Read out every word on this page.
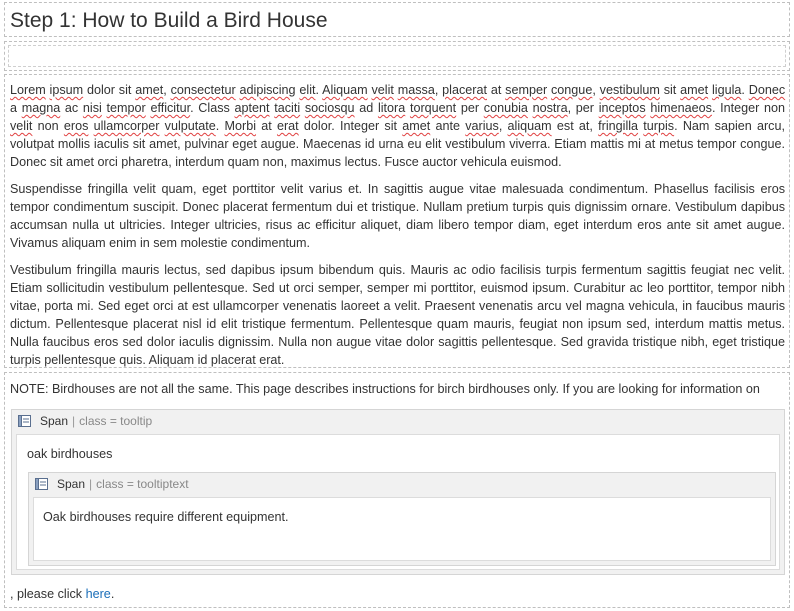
Step 1: How to Build a Bird House

Lorem ipsum dolor sit amet, consectetur adipiscing elit. Aliquam velit massa, placerat at semper congue, vestibulum sit amet ligula. Donec a magna ac nisi tempor efficitur. Class aptent taciti sociosqu ad litora torquent per conubia nostra, per inceptos himenaeos. Integer non velit non eros ullamcorper vulputate. Morbi at erat dolor. Integer sit amet ante varius, aliquam est at, fringilla turpis. Nam sapien arcu, volutpat mollis iaculis sit amet, pulvinar eget augue. Maecenas id urna eu elit vestibulum viverra. Etiam mattis mi at metus tempor congue. Donec sit amet orci pharetra, interdum quam non, maximus lectus. Fusce auctor vehicula euismod.

Suspendisse fringilla velit quam, eget porttitor velit varius et. In sagittis augue vitae malesuada condimentum. Phasellus facilisis eros tempor condimentum suscipit. Donec placerat fermentum dui et tristique. Nullam pretium turpis quis dignissim ornare. Vestibulum dapibus accumsan nulla ut ultricies. Integer ultricies, risus ac efficitur aliquet, diam libero tempor diam, eget interdum eros ante sit amet augue. Vivamus aliquam enim in sem molestie condimentum.

Vestibulum fringilla mauris lectus, sed dapibus ipsum bibendum quis. Mauris ac odio facilisis turpis fermentum sagittis feugiat nec velit. Etiam sollicitudin vestibulum pellentesque. Sed ut orci semper, semper mi porttitor, euismod ipsum. Curabitur ac leo porttitor, tempor nibh vitae, porta mi. Sed eget orci at est ullamcorper venenatis laoreet a velit. Praesent venenatis arcu vel magna vehicula, in faucibus mauris dictum. Pellentesque placerat nisl id elit tristique fermentum. Pellentesque quam mauris, feugiat non ipsum sed, interdum mattis metus. Nulla faucibus eros sed dolor iaculis dignissim. Nulla non augue vitae dolor sagittis pellentesque. Sed gravida tristique nibh, eget tristique turpis pellentesque quis. Aliquam id placerat erat.

NOTE: Birdhouses are not all the same. This page describes instructions for birch birdhouses only. If you are looking for information on
Span | class = tooltip
oak birdhouses
Span | class = tooltiptext
Oak birdhouses require different equipment.
, please click here.
